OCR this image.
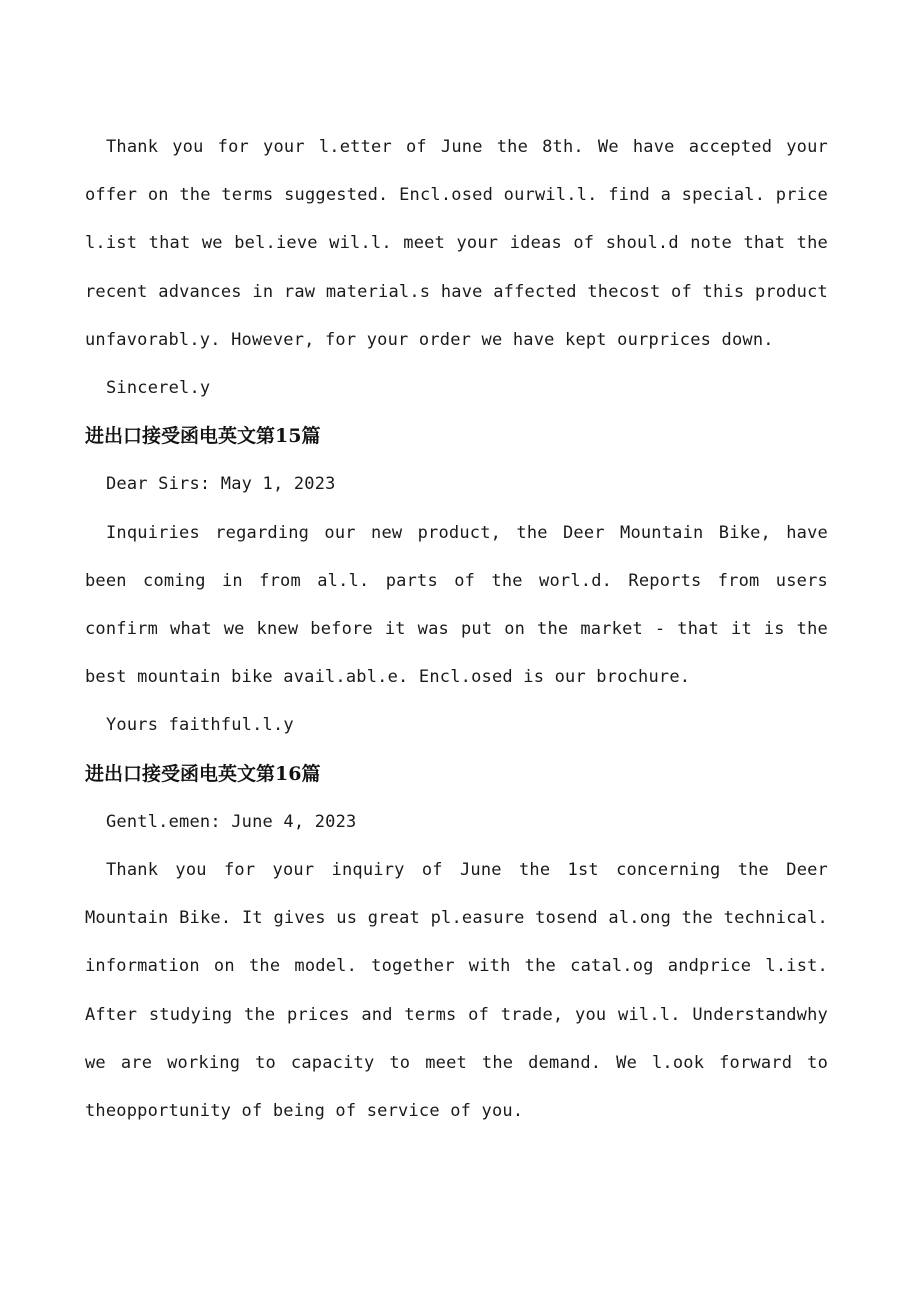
Thank you for your l.etter of June the 8th. We have accepted your offer on the terms suggested. Encl.osed ourwil.l. find a special. price l.ist that we bel.ieve wil.l. meet your ideas of shoul.d note that the recent advances in raw material.s have affected thecost of this product unfavorabl.y. However, for your order we have kept ourprices down.

Sincerel.y

进出口接受函电英文第15篇

Dear Sirs: May 1, 2023

Inquiries regarding our new product, the Deer Mountain Bike, have been coming in from al.l. parts of the worl.d. Reports from users confirm what we knew before it was put on the market - that it is the best mountain bike avail.abl.e. Encl.osed is our brochure.

Yours faithful.l.y

进出口接受函电英文第16篇

Gentl.emen: June 4, 2023

Thank you for your inquiry of June the 1st concerning the Deer Mountain Bike. It gives us great pl.easure tosend al.ong the technical. information on the model. together with the catal.og andprice l.ist. After studying the prices and terms of trade, you wil.l. Understandwhy we are working to capacity to meet the demand. We l.ook forward to theopportunity of being of service of you.
